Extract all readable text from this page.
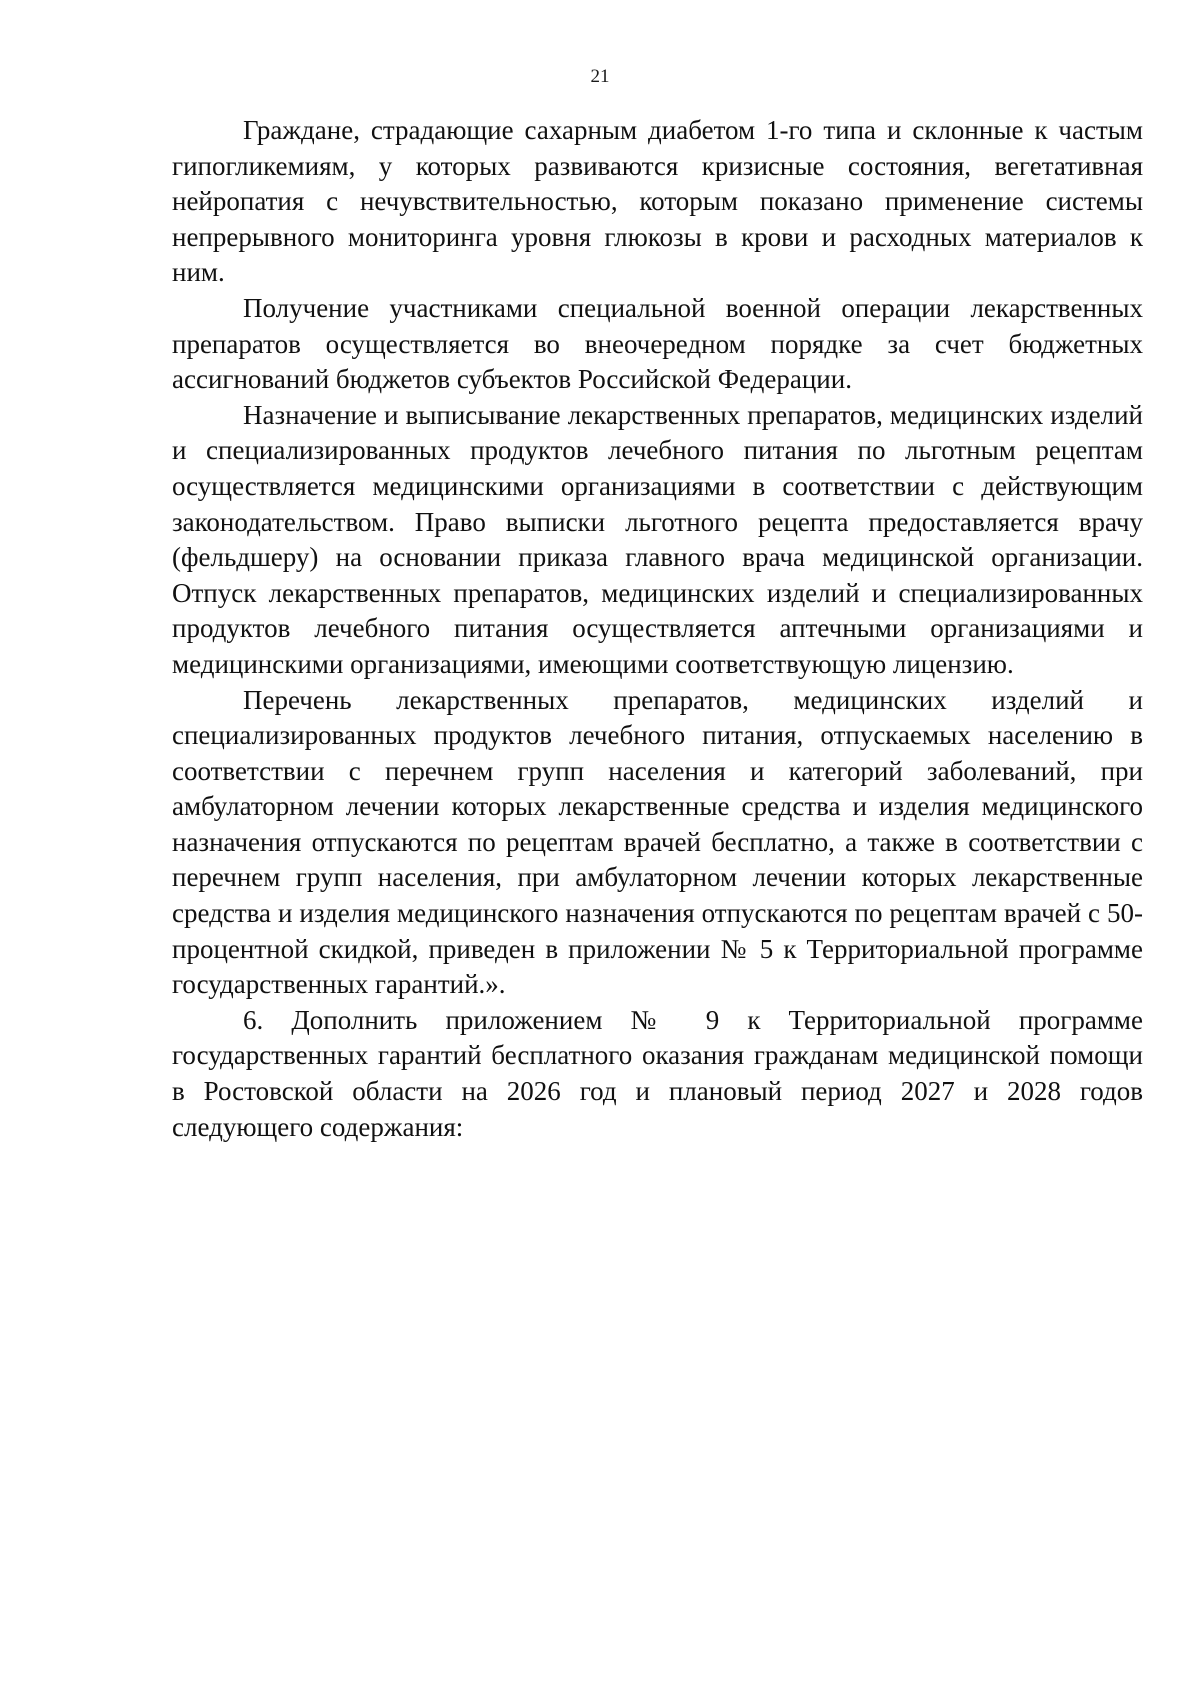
21

Граждане, страдающие сахарным диабетом 1-го типа и склонные к частым гипогликемиям, у которых развиваются кризисные состояния, вегетативная нейропатия с нечувствительностью, которым показано применение системы непрерывного мониторинга уровня глюкозы в крови и расходных материалов к ним.

Получение участниками специальной военной операции лекарственных препаратов осуществляется во внеочередном порядке за счет бюджетных ассигнований бюджетов субъектов Российской Федерации.

Назначение и выписывание лекарственных препаратов, медицинских изделий и специализированных продуктов лечебного питания по льготным рецептам осуществляется медицинскими организациями в соответствии с действующим законодательством. Право выписки льготного рецепта предоставляется врачу (фельдшеру) на основании приказа главного врача медицинской организации. Отпуск лекарственных препаратов, медицинских изделий и специализированных продуктов лечебного питания осуществляется аптечными организациями и медицинскими организациями, имеющими соответствующую лицензию.

Перечень лекарственных препаратов, медицинских изделий и специализированных продуктов лечебного питания, отпускаемых населению в соответствии с перечнем групп населения и категорий заболеваний, при амбулаторном лечении которых лекарственные средства и изделия медицинского назначения отпускаются по рецептам врачей бесплатно, а также в соответствии с перечнем групп населения, при амбулаторном лечении которых лекарственные средства и изделия медицинского назначения отпускаются по рецептам врачей с 50-процентной скидкой, приведен в приложении № 5 к Территориальной программе государственных гарантий.».

6. Дополнить приложением № 9 к Территориальной программе государственных гарантий бесплатного оказания гражданам медицинской помощи в Ростовской области на 2026 год и плановый период 2027 и 2028 годов следующего содержания:
